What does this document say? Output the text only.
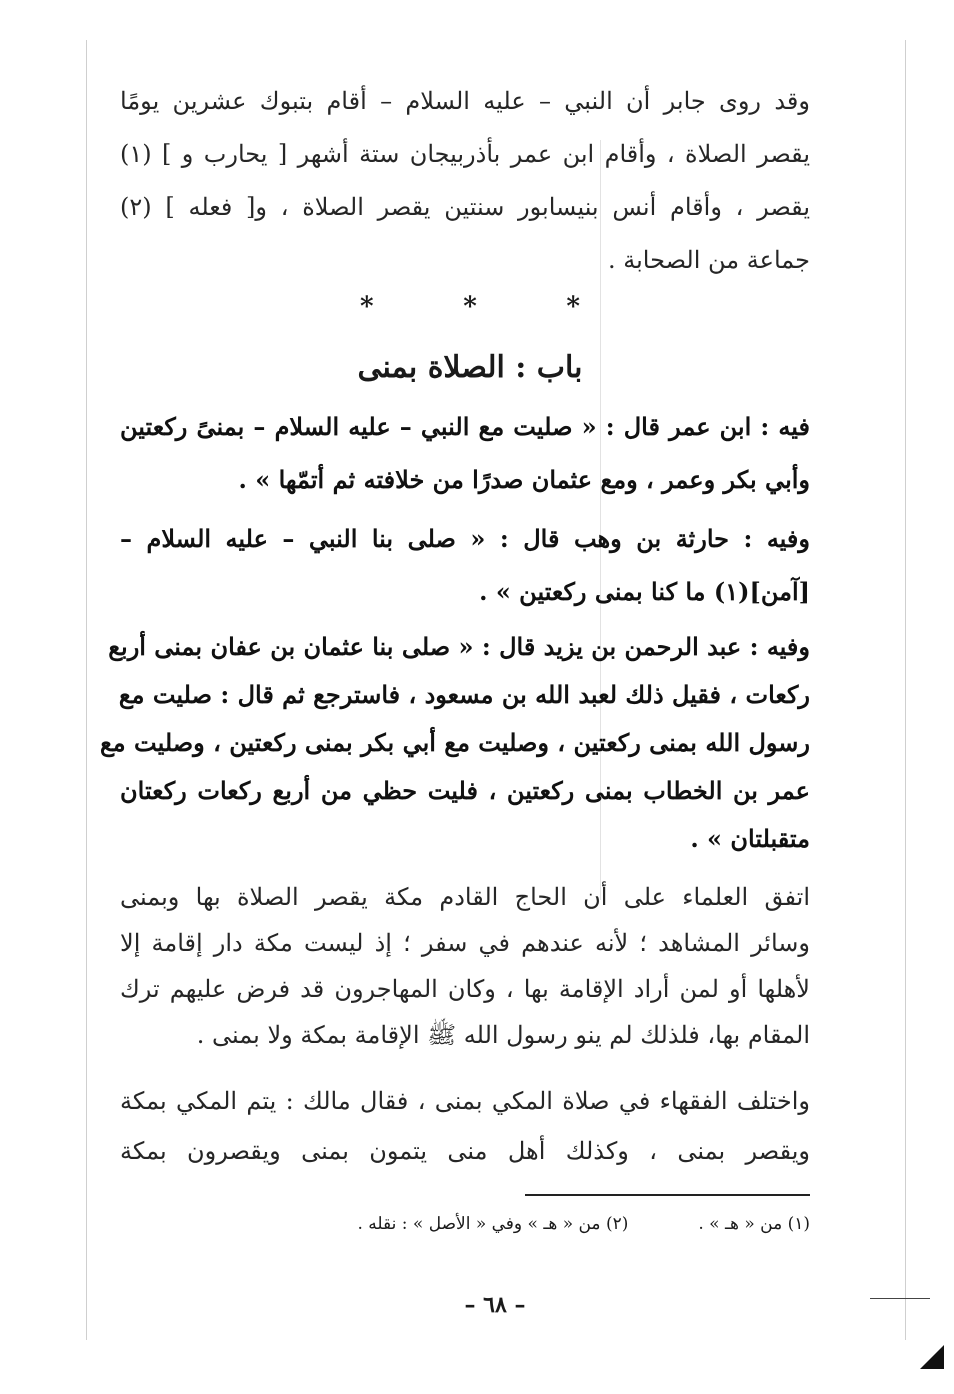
وقد روى جابر أن النبي – عليه السلام – أقام بتبوك عشرين يومًا
يقصر الصلاة ، وأقام ابن عمر بأذربيجان ستة أشهر [ يحارب و ] (١)
يقصر ، وأقام أنس بنيسابور سنتين يقصر الصلاة ، و[ فعله ] (٢)
جماعة من الصحابة .
*	*	*
باب : الصلاة بمنى
فيه : ابن عمر قال : « صليت مع النبي – عليه السلام – بمنىً ركعتين
وأبي بكر وعمر ، ومع عثمان صدرًا من خلافته ثم أتمّها » .
وفيه : حارثة بن وهب قال : « صلى بنا النبي – عليه السلام –
[آمن](١) ما كنا بمنى ركعتين » .
وفيه : عبد الرحمن بن يزيد قال : « صلى بنا عثمان بن عفان بمنى أربع
ركعات ، فقيل ذلك لعبد الله بن مسعود ، فاسترجع ثم قال : صليت مع
رسول الله بمنى ركعتين ، وصليت مع أبي بكر بمنى ركعتين ، وصليت مع
عمر بن الخطاب بمنى ركعتين ، فليت حظي من أربع ركعات ركعتان
متقبلتان » .
اتفق العلماء على أن الحاج القادم مكة يقصر الصلاة بها وبمنى
وسائر المشاهد ؛ لأنه عندهم في سفر ؛ إذ ليست مكة دار إقامة إلا
لأهلها أو لمن أراد الإقامة بها ، وكان المهاجرون قد فرض عليهم ترك
المقام بها، فلذلك لم ينو رسول الله ﷺ الإقامة بمكة ولا بمنى .
واختلف الفقهاء في صلاة المكي بمنى ، فقال مالك : يتم المكي بمكة
ويقصر بمنى ، وكذلك أهل منى يتمون بمنى ويقصرون بمكة
(١) من « هـ » .
(٢) من « هـ » وفي « الأصل » : نقله .
– ٦٨ –
